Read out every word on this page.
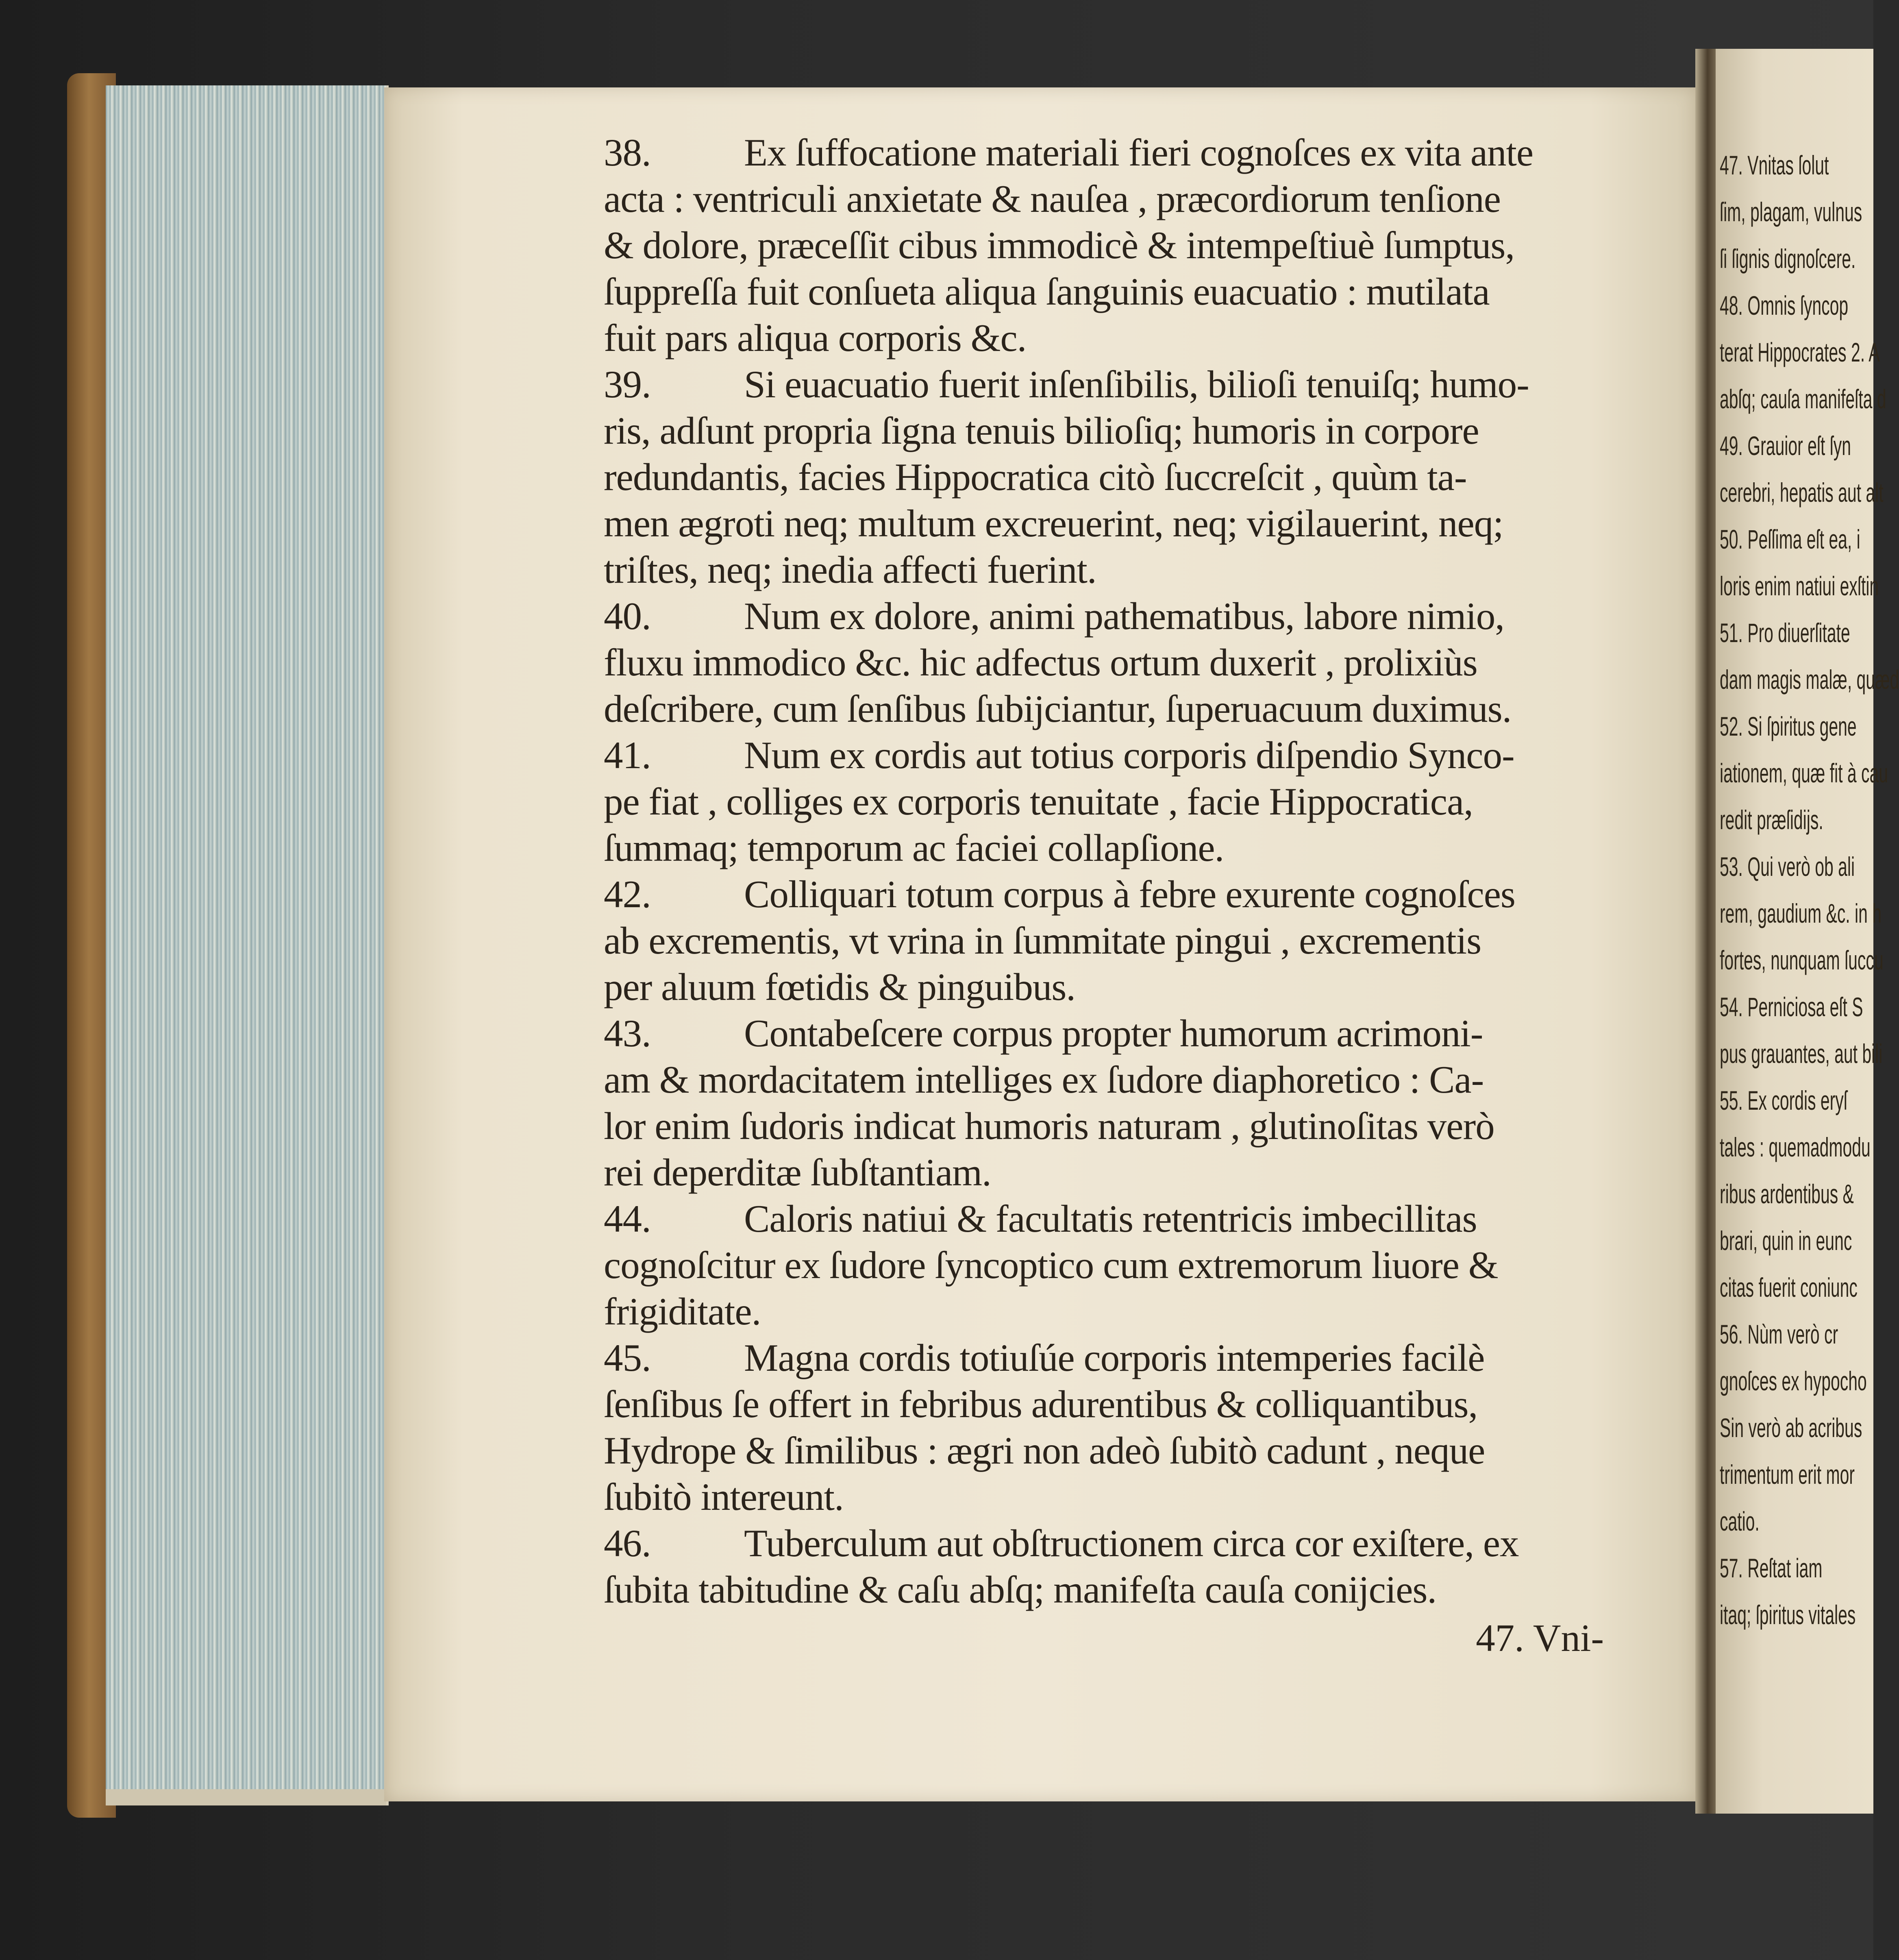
38. Ex ſuffocatione materiali fieri cognoſces ex vita ante
acta : ventriculi anxietate & nauſea , præcordiorum tenſione
& dolore, præceſſit cibus immodicè & intempeſtiuè ſumptus,
ſuppreſſa fuit conſueta aliqua ſanguinis euacuatio : mutilata
fuit pars aliqua corporis &c.
39. Si euacuatio fuerit inſenſibilis, bilioſi tenuiſq; humo-
ris, adſunt propria ſigna tenuis bilioſiq; humoris in corpore
redundantis, facies Hippocratica citò ſuccreſcit , quùm ta-
men ægroti neq; multum excreuerint, neq; vigilauerint, neq;
triſtes, neq; inedia affecti fuerint.
40. Num ex dolore, animi pathematibus, labore nimio,
fluxu immodico &c. hic adfectus ortum duxerit , prolixiùs
deſcribere, cum ſenſibus ſubijciantur, ſuperuacuum duximus.
41. Num ex cordis aut totius corporis diſpendio Synco-
pe fiat , colliges ex corporis tenuitate , facie Hippocratica,
ſummaq; temporum ac faciei collapſione.
42. Colliquari totum corpus à febre exurente cognoſces
ab excrementis, vt vrina in ſummitate pingui , excrementis
per aluum fœtidis & pinguibus.
43. Contabeſcere corpus propter humorum acrimoni-
am & mordacitatem intelliges ex ſudore diaphoretico : Ca-
lor enim ſudoris indicat humoris naturam , glutinoſitas verò
rei deperditæ ſubſtantiam.
44. Caloris natiui & facultatis retentricis imbecillitas
cognoſcitur ex ſudore ſyncoptico cum extremorum liuore &
frigiditate.
45. Magna cordis totiuſúe corporis intemperies facilè
ſenſibus ſe offert in febribus adurentibus & colliquantibus,
Hydrope & ſimilibus : ægri non adeò ſubitò cadunt , neque
ſubitò intereunt.
46. Tuberculum aut obſtructionem circa cor exiſtere, ex
ſubita tabitudine & caſu abſq; manifeſta cauſa conijcies.
47. Vni-
47. Vnitas ſolut
ſim, plagam, vulnus
ſi ſignis dignoſcere.
48. Omnis ſyncop
terat Hippocrates 2. A
abſq; cauſa manifeſta d
49. Grauior eſt ſyn
cerebri, hepatis aut alt
50. Peſſima eſt ea, i
loris enim natiui exſtin
51. Pro diuerſitate
dam magis malæ, quæd
52. Si ſpiritus gene
iationem, quæ fit à cau
redit præſidijs.
53. Qui verò ob ali
rem, gaudium &c. in h
fortes, nunquam ſuccu
54. Perniciosa eſt S
pus grauantes, aut bili
55. Ex cordis eryſ
tales : quemadmodu
ribus ardentibus &
brari, quin in eunc
citas fuerit coniunc
56. Nùm verò cr
gnoſces ex hypocho
Sin verò ab acribus
trimentum erit mor
catio.
57. Reſtat iam
itaq; ſpiritus vitales
